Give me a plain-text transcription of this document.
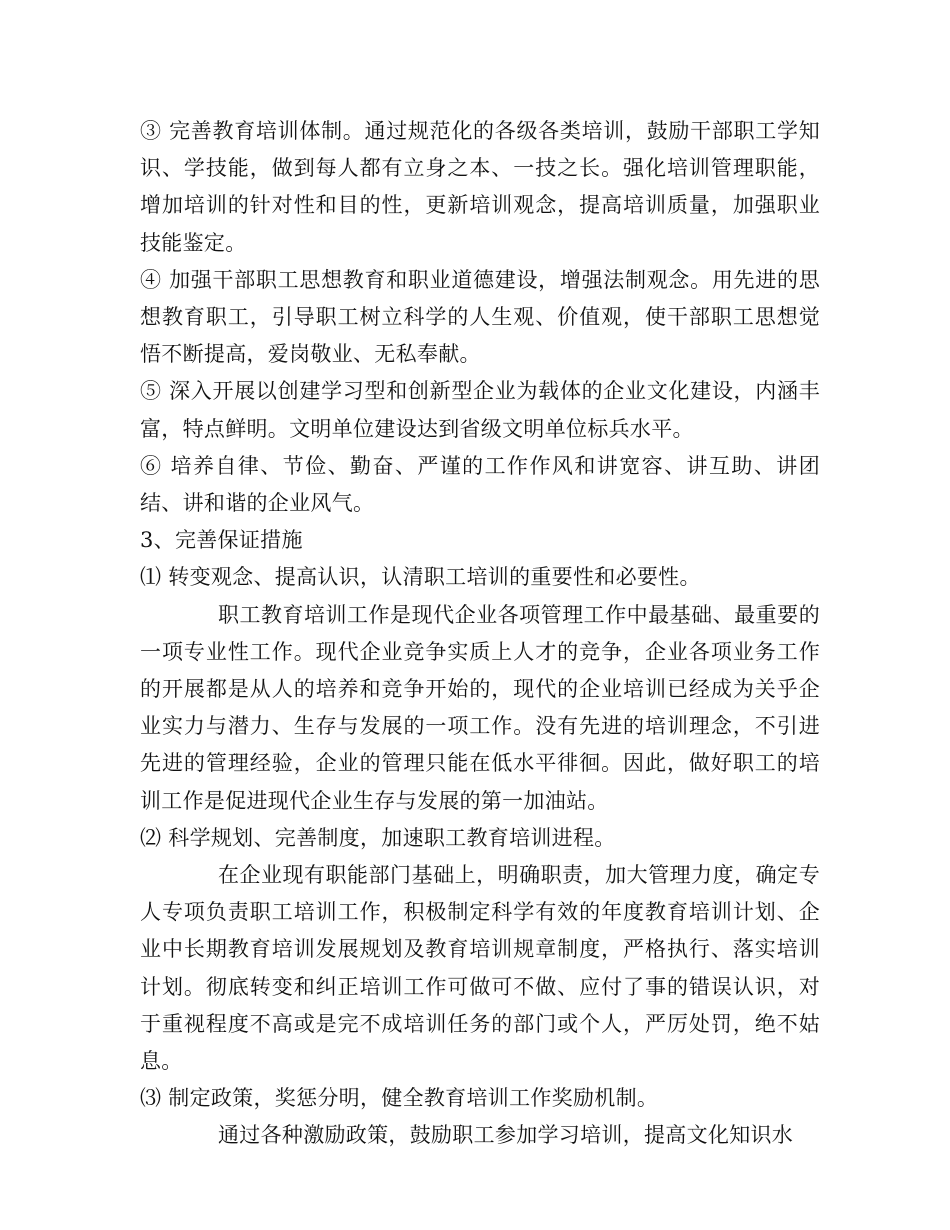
③ 完善教育培训体制。通过规范化的各级各类培训，鼓励干部职工学知识、学技能，做到每人都有立身之本、一技之长。强化培训管理职能，增加培训的针对性和目的性，更新培训观念，提高培训质量，加强职业技能鉴定。

④ 加强干部职工思想教育和职业道德建设，增强法制观念。用先进的思想教育职工，引导职工树立科学的人生观、价值观，使干部职工思想觉悟不断提高，爱岗敬业、无私奉献。

⑤ 深入开展以创建学习型和创新型企业为载体的企业文化建设，内涵丰富，特点鲜明。文明单位建设达到省级文明单位标兵水平。

⑥ 培养自律、节俭、勤奋、严谨的工作作风和讲宽容、讲互助、讲团结、讲和谐的企业风气。

3、完善保证措施

⑴ 转变观念、提高认识，认清职工培训的重要性和必要性。

职工教育培训工作是现代企业各项管理工作中最基础、最重要的一项专业性工作。现代企业竞争实质上人才的竞争，企业各项业务工作的开展都是从人的培养和竞争开始的，现代的企业培训已经成为关乎企业实力与潜力、生存与发展的一项工作。没有先进的培训理念，不引进先进的管理经验，企业的管理只能在低水平徘徊。因此，做好职工的培训工作是促进现代企业生存与发展的第一加油站。

⑵ 科学规划、完善制度，加速职工教育培训进程。

在企业现有职能部门基础上，明确职责，加大管理力度，确定专人专项负责职工培训工作，积极制定科学有效的年度教育培训计划、企业中长期教育培训发展规划及教育培训规章制度，严格执行、落实培训计划。彻底转变和纠正培训工作可做可不做、应付了事的错误认识，对于重视程度不高或是完不成培训任务的部门或个人，严厉处罚，绝不姑息。

⑶ 制定政策，奖惩分明，健全教育培训工作奖励机制。

通过各种激励政策，鼓励职工参加学习培训，提高文化知识水
